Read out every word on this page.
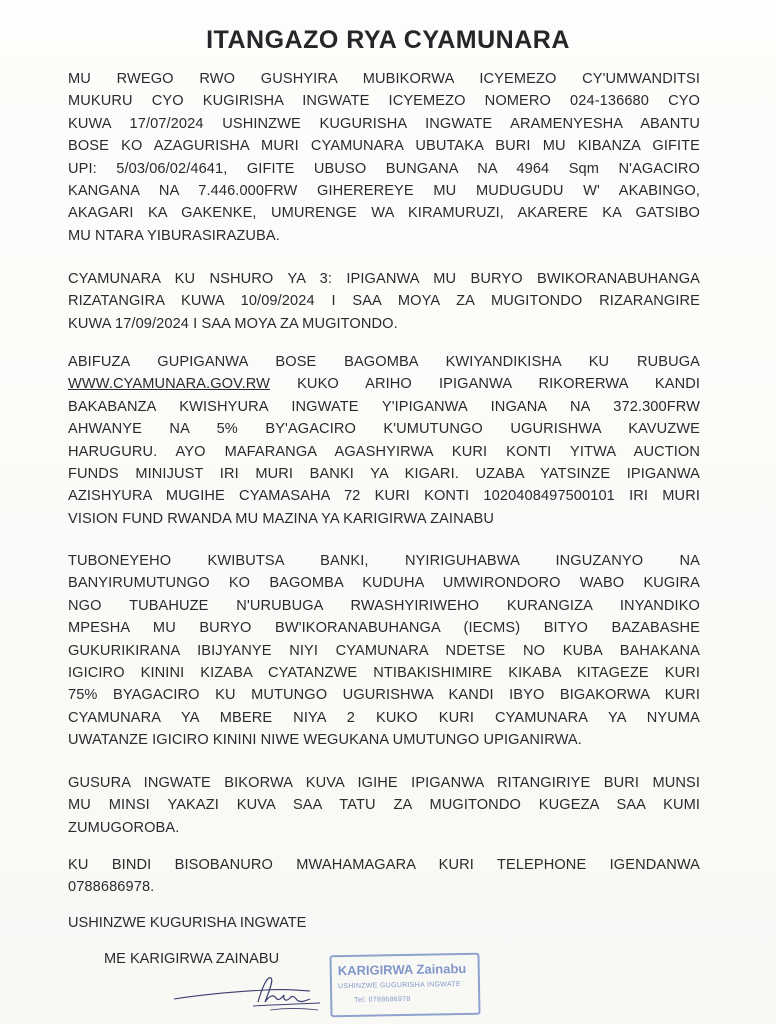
ITANGAZO RYA CYAMUNARA
MU RWEGO RWO GUSHYIRA MUBIKORWA ICYEMEZO CY'UMWANDITSI
MUKURU CYO KUGIRISHA INGWATE ICYEMEZO NOMERO 024-136680 CYO
KUWA 17/07/2024 USHINZWE KUGURISHA INGWATE ARAMENYESHA ABANTU
BOSE KO AZAGURISHA MURI CYAMUNARA UBUTAKA BURI MU KIBANZA GIFITE
UPI: 5/03/06/02/4641, GIFITE UBUSO BUNGANA NA 4964 Sqm N'AGACIRO
KANGANA NA 7.446.000FRW GIHEREREYE MU MUDUGUDU W' AKABINGO,
AKAGARI KA GAKENKE, UMURENGE WA KIRAMURUZI, AKARERE KA GATSIBO
MU NTARA YIBURASIRAZUBA.
CYAMUNARA KU NSHURO YA 3: IPIGANWA MU BURYO BWIKORANABUHANGA
RIZATANGIRA KUWA 10/09/2024 I SAA MOYA ZA MUGITONDO RIZARANGIRE
KUWA 17/09/2024 I SAA MOYA ZA MUGITONDO.
ABIFUZA GUPIGANWA BOSE BAGOMBA KWIYANDIKISHA KU RUBUGA
WWW.CYAMUNARA.GOV.RW KUKO ARIHO IPIGANWA RIKORERWA KANDI
BAKABANZA KWISHYURA INGWATE Y'IPIGANWA INGANA NA 372.300FRW
AHWANYE NA 5% BY'AGACIRO K'UMUTUNGO UGURISHWA KAVUZWE
HARUGURU. AYO MAFARANGA AGASHYIRWA KURI KONTI YITWA AUCTION
FUNDS MINIJUST IRI MURI BANKI YA KIGARI. UZABA YATSINZE IPIGANWA
AZISHYURA MUGIHE CYAMASAHA 72 KURI KONTI 1020408497500101 IRI MURI
VISION FUND RWANDA MU MAZINA YA KARIGIRWA ZAINABU
TUBONEYEHO KWIBUTSA BANKI, NYIRIGUHABWA INGUZANYO NA
BANYIRUMUTUNGO KO BAGOMBA KUDUHA UMWIRONDORO WABO KUGIRA
NGO TUBAHUZE N'URUBUGA RWASHYIRIWEHO KURANGIZA INYANDIKO
MPESHA MU BURYO BW'IKORANABUHANGA (IECMS) BITYO BAZABASHE
GUKURIKIRANA IBIJYANYE NIYI CYAMUNARA NDETSE NO KUBA BAHAKANA
IGICIRO KININI KIZABA CYATANZWE NTIBAKISHIMIRE KIKABA KITAGEZE KURI
75% BYAGACIRO KU MUTUNGO UGURISHWA KANDI IBYO BIGAKORWA KURI
CYAMUNARA YA MBERE NIYA 2 KUKO KURI CYAMUNARA YA NYUMA
UWATANZE IGICIRO KININI NIWE WEGUKANA UMUTUNGO UPIGANIRWA.
GUSURA INGWATE BIKORWA KUVA IGIHE IPIGANWA RITANGIRIYE BURI MUNSI
MU MINSI YAKAZI KUVA SAA TATU ZA MUGITONDO KUGEZA SAA KUMI
ZUMUGOROBA.
KU BINDI BISOBANURO MWAHAMAGARA KURI TELEPHONE IGENDANWA
0788686978.

USHINZWE KUGURISHA INGWATE

ME KARIGIRWA ZAINABU

KARIGIRWA Zainabu
USHINZWE GUGURISHA INGWATE
Tel: 0788686978
